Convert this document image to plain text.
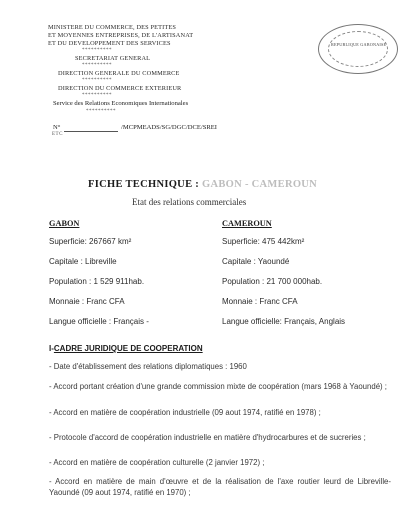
MINISTERE DU COMMERCE, DES PETITES
ET MOYENNES ENTREPRISES, DE L'ARTISANAT
ET DU DEVELOPPEMENT DES SERVICES
**********
SECRETARIAT GENERAL
**********
DIRECTION GENERALE DU COMMERCE
**********
DIRECTION DU COMMERCE EXTERIEUR
**********
Service des Relations Economiques Internationales
**********
N°	/MCPMEADS/SG/DGC/DCE/SREI
ETC
REPUBLIQUE GABONAISE
FICHE TECHNIQUE : GABON - CAMEROUN
Etat des relations commerciales
GABON
Superficie: 267667 km²
Capitale : Libreville
Population : 1 529 911hab.
Monnaie : Franc CFA
Langue officielle : Français -
CAMEROUN
Superficie: 475 442km²
Capitale : Yaoundé
Population : 21 700 000hab.
Monnaie : Franc CFA
Langue officielle: Français, Anglais
I-CADRE JURIDIQUE DE COOPERATION
- Date d'établissement des relations diplomatiques : 1960
- Accord portant création d'une grande commission mixte de coopération (mars 1968 à Yaoundé) ;
- Accord en matière de coopération industrielle (09 aout 1974, ratifié en 1978) ;
- Protocole d'accord de coopération industrielle en matière d'hydrocarbures et de sucreries ;
- Accord en matière de coopération culturelle (2 janvier 1972) ;
- Accord en matière de main d'œuvre et de la réalisation de l'axe routier leurd de Libreville-Yaoundé (09 aout 1974, ratifié en 1970) ;
